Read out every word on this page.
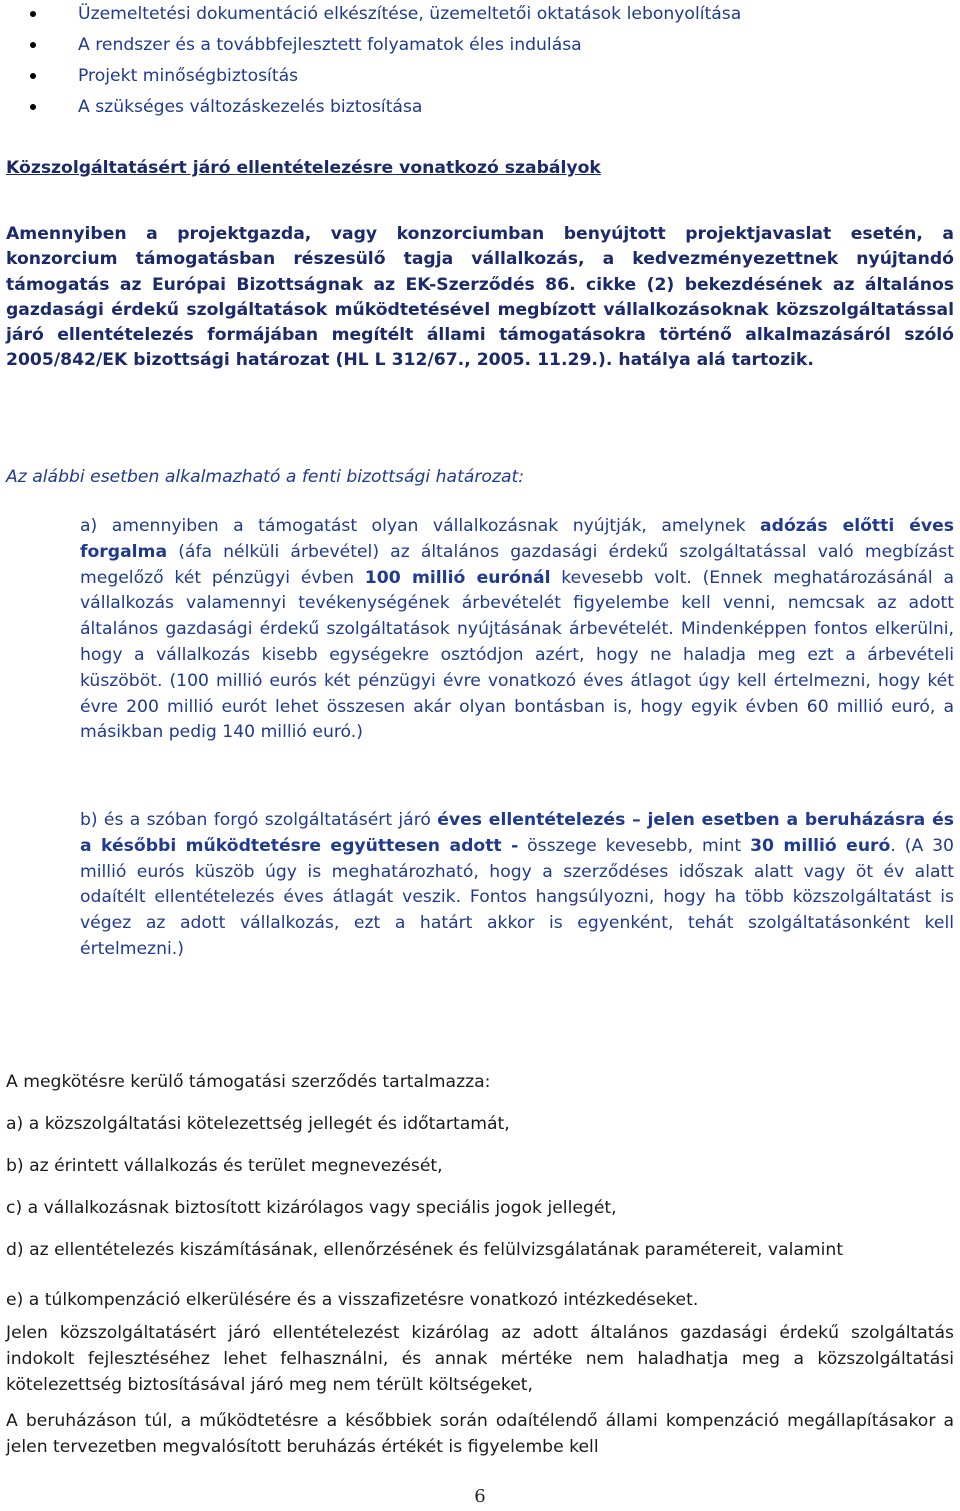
Üzemeltetési dokumentáció elkészítése, üzemeltetői oktatások lebonyolítása
A rendszer és a továbbfejlesztett folyamatok éles indulása
Projekt minőségbiztosítás
A szükséges változáskezelés biztosítása
Közszolgáltatásért járó ellentételezésre vonatkozó szabályok
Amennyiben a projektgazda, vagy konzorciumban benyújtott projektjavaslat esetén, a konzorcium támogatásban részesülő tagja vállalkozás, a kedvezményezettnek nyújtandó támogatás az Európai Bizottságnak az EK-Szerződés 86. cikke (2) bekezdésének az általános gazdasági érdekű szolgáltatások működtetésével megbízott vállalkozásoknak közszolgáltatással járó ellentételezés formájában megítélt állami támogatásokra történő alkalmazásáról szóló 2005/842/EK bizottsági határozat (HL L 312/67., 2005. 11.29.). hatálya alá tartozik.
Az alábbi esetben alkalmazható a fenti bizottsági határozat:
a) amennyiben a támogatást olyan vállalkozásnak nyújtják, amelynek adózás előtti éves forgalma (áfa nélküli árbevétel) az általános gazdasági érdekű szolgáltatással való megbízást megelőző két pénzügyi évben 100 millió eurónál kevesebb volt. (Ennek meghatározásánál a vállalkozás valamennyi tevékenységének árbevételét figyelembe kell venni, nemcsak az adott általános gazdasági érdekű szolgáltatások nyújtásának árbevételét. Mindenképpen fontos elkerülni, hogy a vállalkozás kisebb egységekre osztódjon azért, hogy ne haladja meg ezt a árbevételi küszöböt. (100 millió eurós két pénzügyi évre vonatkozó éves átlagot úgy kell értelmezni, hogy két évre 200 millió eurót lehet összesen akár olyan bontásban is, hogy egyik évben 60 millió euró, a másikban pedig 140 millió euró.)
b) és a szóban forgó szolgáltatásért járó éves ellentételezés – jelen esetben a beruházásra és a későbbi működtetésre együttesen adott - összege kevesebb, mint 30 millió euró. (A 30 millió eurós küszöb úgy is meghatározható, hogy a szerződéses időszak alatt vagy öt év alatt odaítélt ellentételezés éves átlagát veszik. Fontos hangsúlyozni, hogy ha több közszolgáltatást is végez az adott vállalkozás, ezt a határt akkor is egyenként, tehát szolgáltatásonként kell értelmezni.)

A megkötésre kerülő támogatási szerződés tartalmazza:

a) a közszolgáltatási kötelezettség jellegét és időtartamát,

b) az érintett vállalkozás és terület megnevezését,

c) a vállalkozásnak biztosított kizárólagos vagy speciális jogok jellegét,

d) az ellentételezés kiszámításának, ellenőrzésének és felülvizsgálatának paramétereit, valamint

e) a túlkompenzáció elkerülésére és a visszafizetésre vonatkozó intézkedéseket.

Jelen közszolgáltatásért járó ellentételezést kizárólag az adott általános gazdasági érdekű szolgáltatás indokolt fejlesztéséhez lehet felhasználni, és annak mértéke nem haladhatja meg a közszolgáltatási kötelezettség biztosításával járó meg nem térült költségeket,

A beruházáson túl, a működtetésre a későbbiek során odaítélendő állami kompenzáció megállapításakor a jelen tervezetben megvalósított beruházás értékét is figyelembe kell

6
